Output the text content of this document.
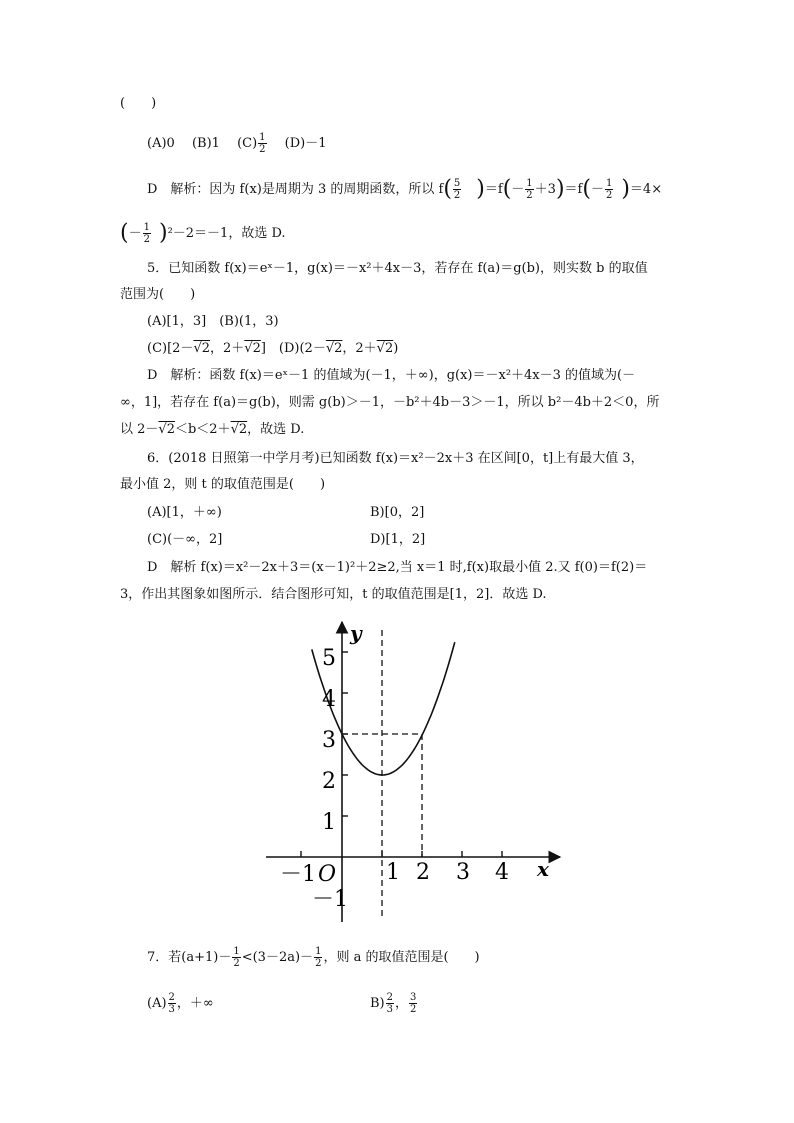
(　　)
(A)0　 (B)1　 $(C) \frac{1}{2}$
　 (D)－1
D　解析：因为 f(x)是周期为 3 的周期函数，所以 $f( \frac{5}{2} )=f(- \frac{1}{2} +3)=f(- \frac{1}{2} )=4\times$
(－ $\frac{1}{2} )^2-2=-1$，故选 D.
5．已知函数 f(x)＝eˣ－1，g(x)＝－x²＋4x－3，若存在 f(a)＝g(b)，则实数 b 的取值
范围为(　　)
(A)[1，3]　(B)(1，3)
(C)[2－√2，2＋√2]　(D)(2－√2，2＋√2)
D　解析：函数 f(x)＝eˣ－1 的值域为(－1，＋∞)，g(x)＝－x²＋4x－3 的值域为(－
∞，1]，若存在 f(a)＝g(b)，则需 g(b)＞－1，－b²＋4b－3＞－1，所以 b²－4b＋2＜0，所
以 2－√2＜b＜2＋√2，故选 D.
6．(2018 日照第一中学月考)已知函数 f(x)＝x²－2x＋3 在区间[0，t]上有最大值 3，
最小值 2，则 t 的取值范围是(　　)
(A)[1，＋∞)	B)[0，2]
(C)(－∞，2]	D)[1，2]
D　解析 f(x)＝x²－2x＋3＝(x－1)²＋2≥2,当 x＝1 时,f(x)取最小值 2.又 f(0)＝f(2)＝
3，作出其图象如图所示．结合图形可知，t 的取值范围是[1，2]．故选 D.
y
x
O
－1	1 2 3 4
5
4
3
2
1
－1
7．若$(a+1)- \frac{1}{2} <(3-2a)- \frac{1}{2}$ ，则 a 的取值范围是(　　)
$(A) \frac{2}{3}$ ，＋∞	$B) \frac{2}{3}$ ， $\frac{3}{2}$
